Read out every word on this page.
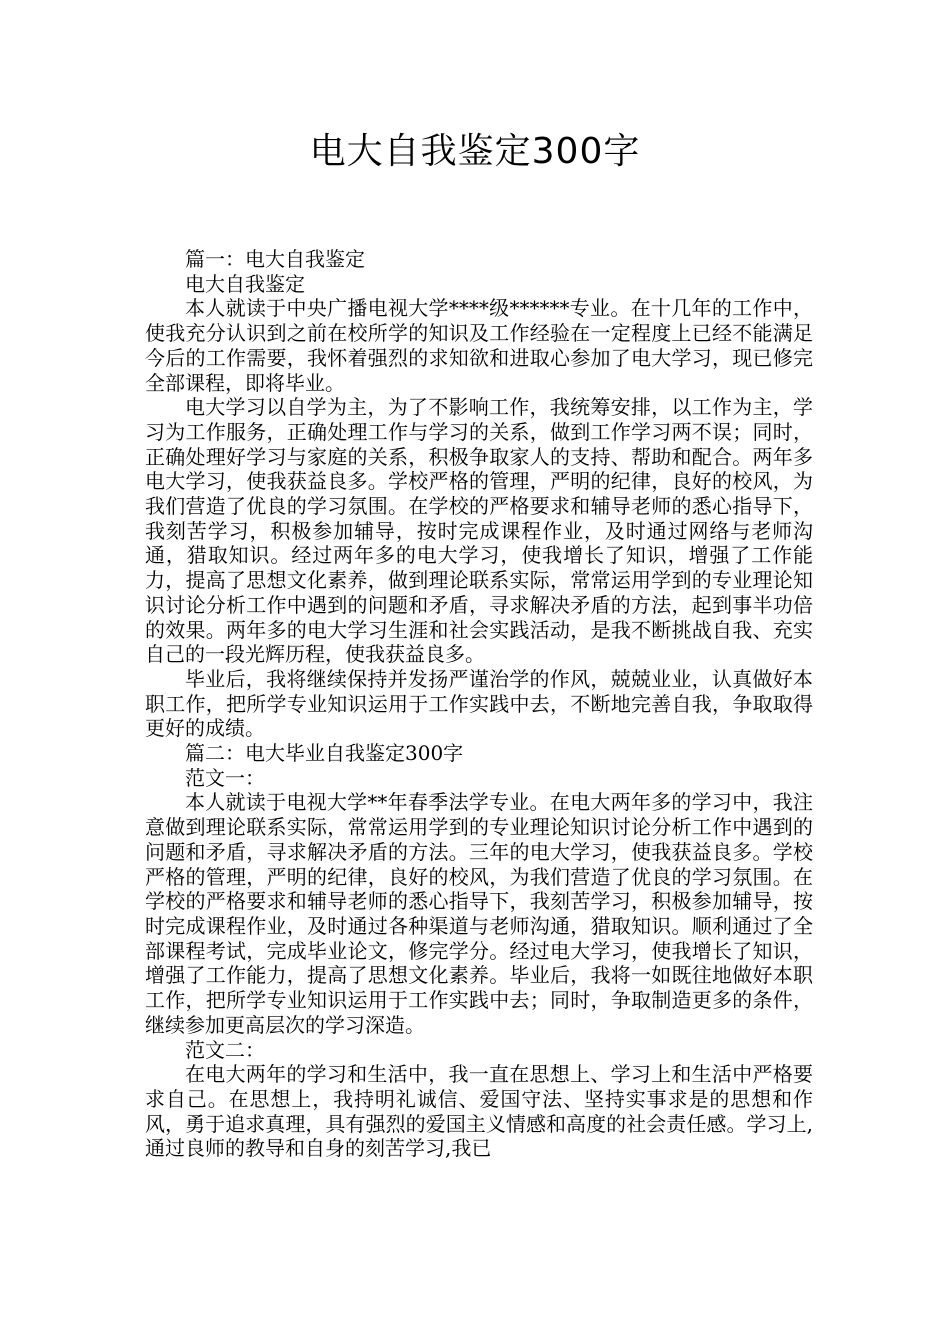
电大自我鉴定300字

篇一：电大自我鉴定

电大自我鉴定

本人就读于中央广播电视大学****级******专业。在十几年的工作中，使我充分认识到之前在校所学的知识及工作经验在一定程度上已经不能满足今后的工作需要，我怀着强烈的求知欲和进取心参加了电大学习，现已修完全部课程，即将毕业。

电大学习以自学为主，为了不影响工作，我统筹安排，以工作为主，学习为工作服务，正确处理工作与学习的关系，做到工作学习两不误；同时，正确处理好学习与家庭的关系，积极争取家人的支持、帮助和配合。两年多电大学习，使我获益良多。学校严格的管理，严明的纪律，良好的校风，为我们营造了优良的学习氛围。在学校的严格要求和辅导老师的悉心指导下，我刻苦学习，积极参加辅导，按时完成课程作业，及时通过网络与老师沟通，猎取知识。经过两年多的电大学习，使我增长了知识，增强了工作能力，提高了思想文化素养，做到理论联系实际，常常运用学到的专业理论知识讨论分析工作中遇到的问题和矛盾，寻求解决矛盾的方法，起到事半功倍的效果。两年多的电大学习生涯和社会实践活动，是我不断挑战自我、充实自己的一段光辉历程，使我获益良多。

毕业后，我将继续保持并发扬严谨治学的作风，兢兢业业，认真做好本职工作，把所学专业知识运用于工作实践中去，不断地完善自我，争取取得更好的成绩。

篇二：电大毕业自我鉴定300字

范文一：

本人就读于电视大学**年春季法学专业。在电大两年多的学习中，我注意做到理论联系实际，常常运用学到的专业理论知识讨论分析工作中遇到的问题和矛盾，寻求解决矛盾的方法。三年的电大学习，使我获益良多。学校严格的管理，严明的纪律，良好的校风，为我们营造了优良的学习氛围。在学校的严格要求和辅导老师的悉心指导下，我刻苦学习，积极参加辅导，按时完成课程作业，及时通过各种渠道与老师沟通，猎取知识。顺利通过了全部课程考试，完成毕业论文，修完学分。经过电大学习，使我增长了知识，增强了工作能力，提高了思想文化素养。毕业后，我将一如既往地做好本职工作，把所学专业知识运用于工作实践中去；同时，争取制造更多的条件，继续参加更高层次的学习深造。

范文二：

在电大两年的学习和生活中，我一直在思想上、学习上和生活中严格要求自己。在思想上，我持明礼诚信、爱国守法、坚持实事求是的思想和作风，勇于追求真理，具有强烈的爱国主义情感和高度的社会责任感。学习上,通过良师的教导和自身的刻苦学习,我已
